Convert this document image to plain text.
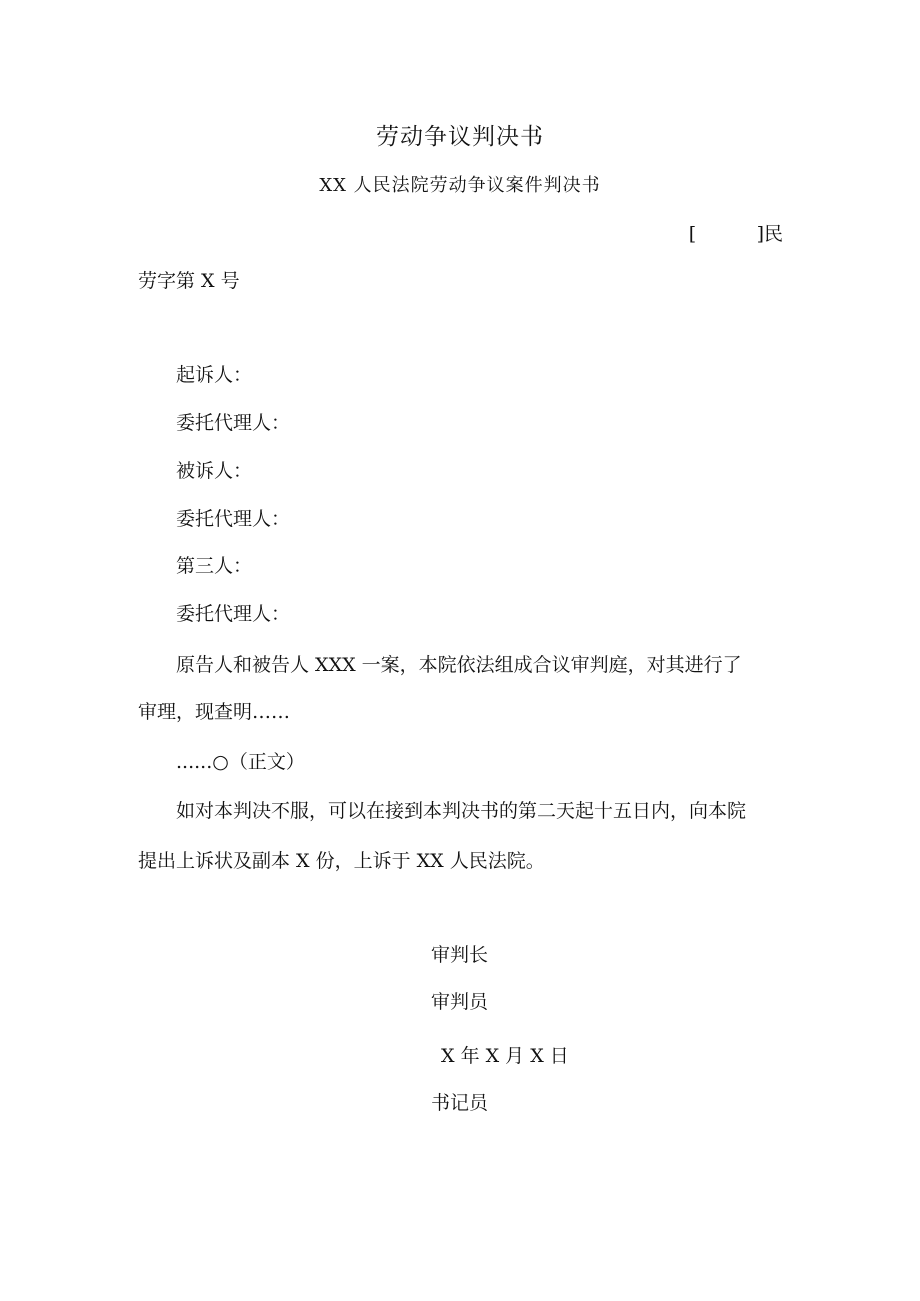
劳动争议判决书
XX 人民法院劳动争议案件判决书
[          ]民
劳字第 X 号
起诉人：
委托代理人：
被诉人：
委托代理人：
第三人：
委托代理人：
原告人和被告人 XXX 一案，本院依法组成合议审判庭，对其进行了
审理，现查明……
......○（正文）
如对本判决不服，可以在接到本判决书的第二天起十五日内，向本院
提出上诉状及副本 X 份，上诉于 XX 人民法院。
审判长
审判员
X 年 X 月 X 日
书记员
